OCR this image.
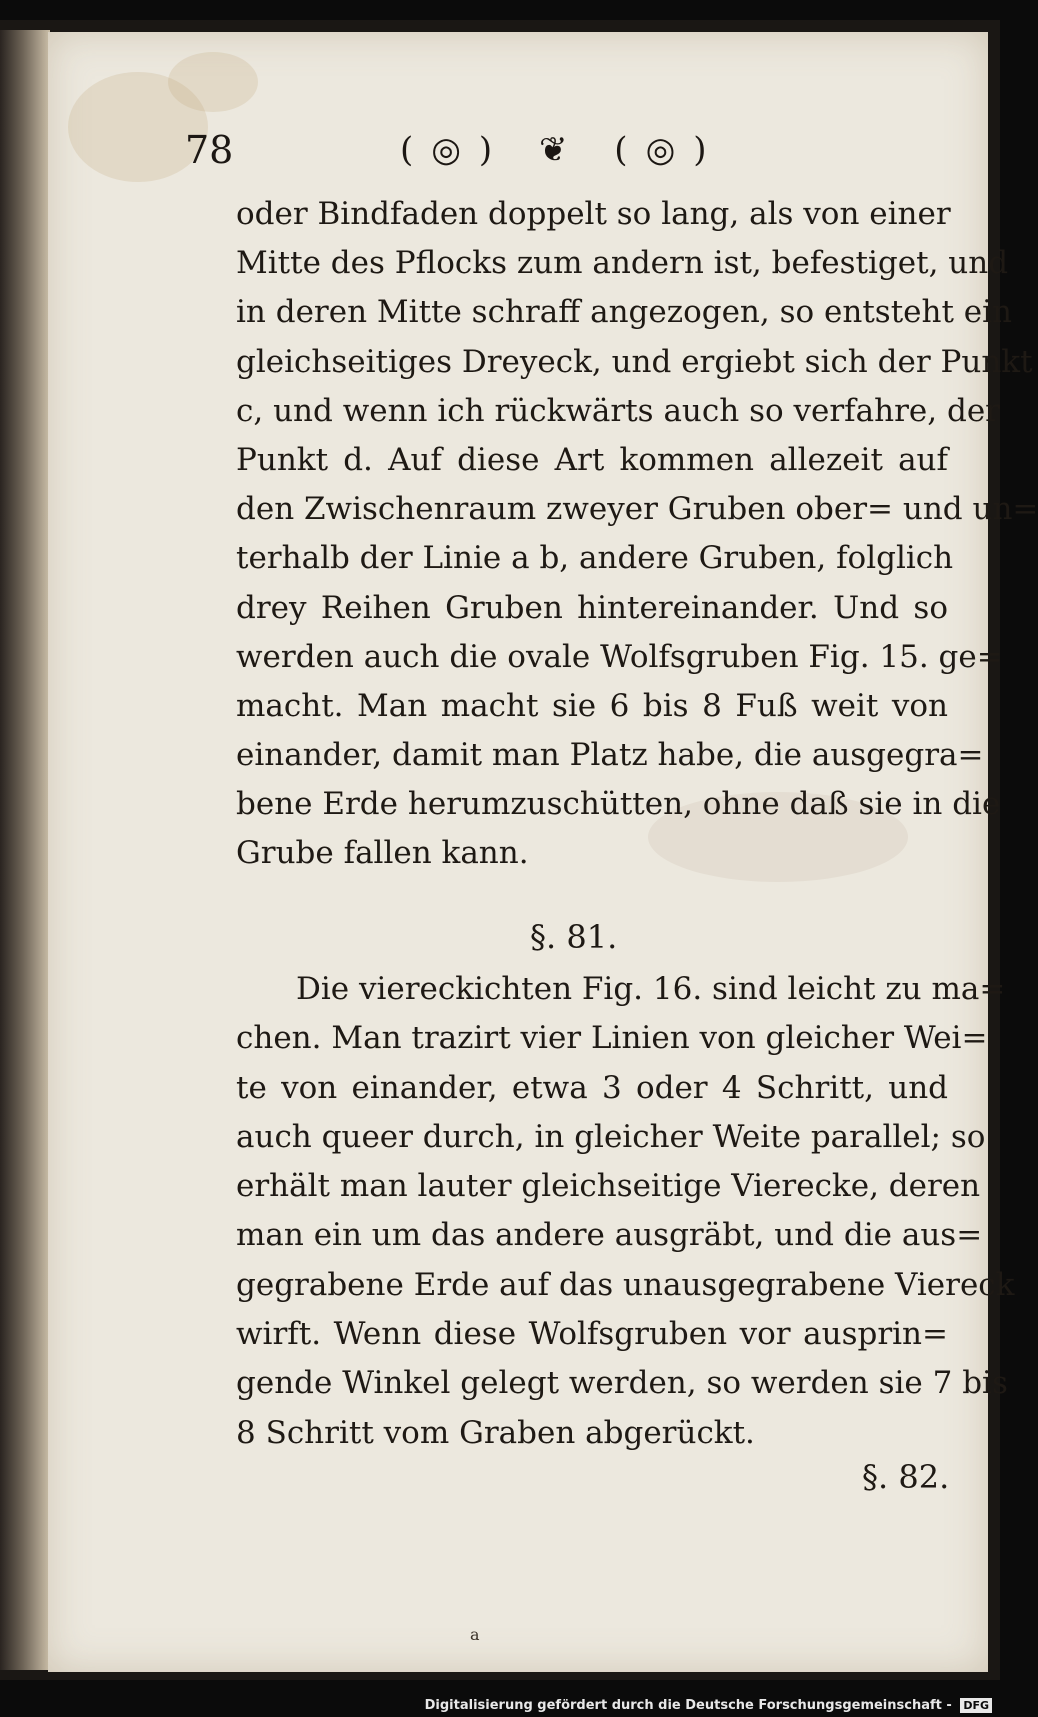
78	(◎) ❦ (◎)
oder Bindfaden doppelt so lang, als von einer
Mitte des Pflocks zum andern ist, befestiget, und
in deren Mitte schraff angezogen, so entsteht ein
gleichseitiges Dreyeck, und ergiebt sich der Punkt
c, und wenn ich rückwärts auch so verfahre, der
Punkt d. Auf diese Art kommen allezeit auf
den Zwischenraum zweyer Gruben ober= und un=
terhalb der Linie a b, andere Gruben, folglich
drey Reihen Gruben hintereinander. Und so
werden auch die ovale Wolfsgruben Fig. 15. ge=
macht. Man macht sie 6 bis 8 Fuß weit von
einander, damit man Platz habe, die ausgegra=
bene Erde herumzuschütten, ohne daß sie in die
Grube fallen kann.
§. 81.
Die viereckichten Fig. 16. sind leicht zu ma=
chen. Man trazirt vier Linien von gleicher Wei=
te von einander, etwa 3 oder 4 Schritt, und
auch queer durch, in gleicher Weite parallel; so
erhält man lauter gleichseitige Vierecke, deren
man ein um das andere ausgräbt, und die aus=
gegrabene Erde auf das unausgegrabene Viereck
wirft. Wenn diese Wolfsgruben vor ausprin=
gende Winkel gelegt werden, so werden sie 7 bis
8 Schritt vom Graben abgerückt.
§. 82.
a
Digitalisierung gefördert durch die Deutsche Forschungsgemeinschaft - DFG
